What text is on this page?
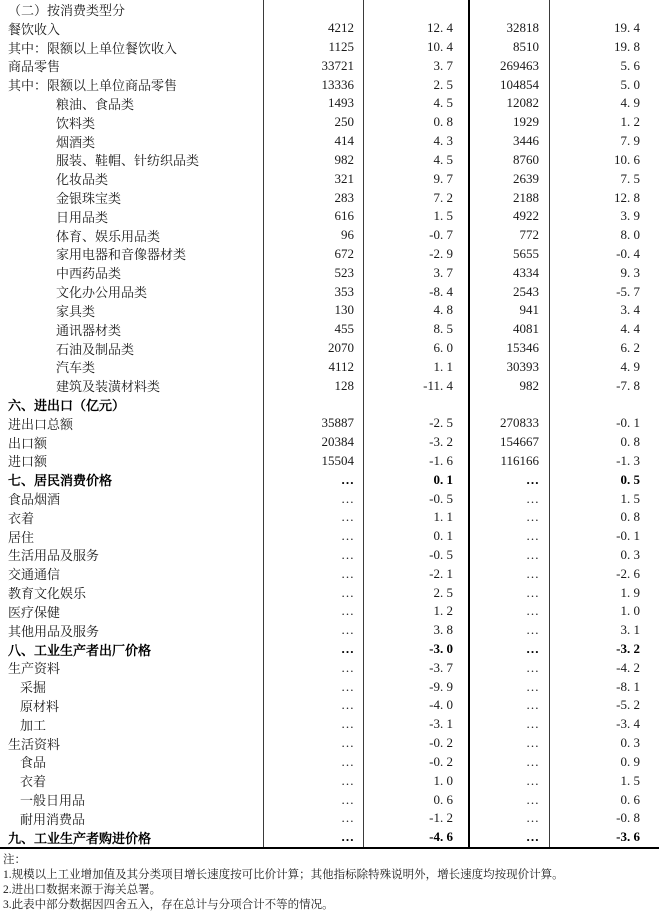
（二）按消费类型分
餐饮收入	4212	12. 4	32818	19. 4
其中：限额以上单位餐饮收入	1125	10. 4	8510	19. 8
商品零售	33721	3. 7	269463	5. 6
其中：限额以上单位商品零售	13336	2. 5	104854	5. 0
粮油、食品类	1493	4. 5	12082	4. 9
饮料类	250	0. 8	1929	1. 2
烟酒类	414	4. 3	3446	7. 9
服装、鞋帽、针纺织品类	982	4. 5	8760	10. 6
化妆品类	321	9. 7	2639	7. 5
金银珠宝类	283	7. 2	2188	12. 8
日用品类	616	1. 5	4922	3. 9
体育、娱乐用品类	96	-0. 7	772	8. 0
家用电器和音像器材类	672	-2. 9	5655	-0. 4
中西药品类	523	3. 7	4334	9. 3
文化办公用品类	353	-8. 4	2543	-5. 7
家具类	130	4. 8	941	3. 4
通讯器材类	455	8. 5	4081	4. 4
石油及制品类	2070	6. 0	15346	6. 2
汽车类	4112	1. 1	30393	4. 9
建筑及装潢材料类	128	-11. 4	982	-7. 8
六、进出口（亿元）
进出口总额	35887	-2. 5	270833	-0. 1
出口额	20384	-3. 2	154667	0. 8
进口额	15504	-1. 6	116166	-1. 3
七、居民消费价格	…	0. 1	…	0. 5
食品烟酒	…	-0. 5	…	1. 5
衣着	…	1. 1	…	0. 8
居住	…	0. 1	…	-0. 1
生活用品及服务	…	-0. 5	…	0. 3
交通通信	…	-2. 1	…	-2. 6
教育文化娱乐	…	2. 5	…	1. 9
医疗保健	…	1. 2	…	1. 0
其他用品及服务	…	3. 8	…	3. 1
八、工业生产者出厂价格	…	-3. 0	…	-3. 2
生产资料	…	-3. 7	…	-4. 2
采掘	…	-9. 9	…	-8. 1
原材料	…	-4. 0	…	-5. 2
加工	…	-3. 1	…	-3. 4
生活资料	…	-0. 2	…	0. 3
食品	…	-0. 2	…	0. 9
衣着	…	1. 0	…	1. 5
一般日用品	…	0. 6	…	0. 6
耐用消费品	…	-1. 2	…	-0. 8
九、工业生产者购进价格	…	-4. 6	…	-3. 6
注：
1.规模以上工业增加值及其分类项目增长速度按可比价计算；其他指标除特殊说明外，增长速度均按现价计算。
2.进出口数据来源于海关总署。
3.此表中部分数据因四舍五入，存在总计与分项合计不等的情况。
